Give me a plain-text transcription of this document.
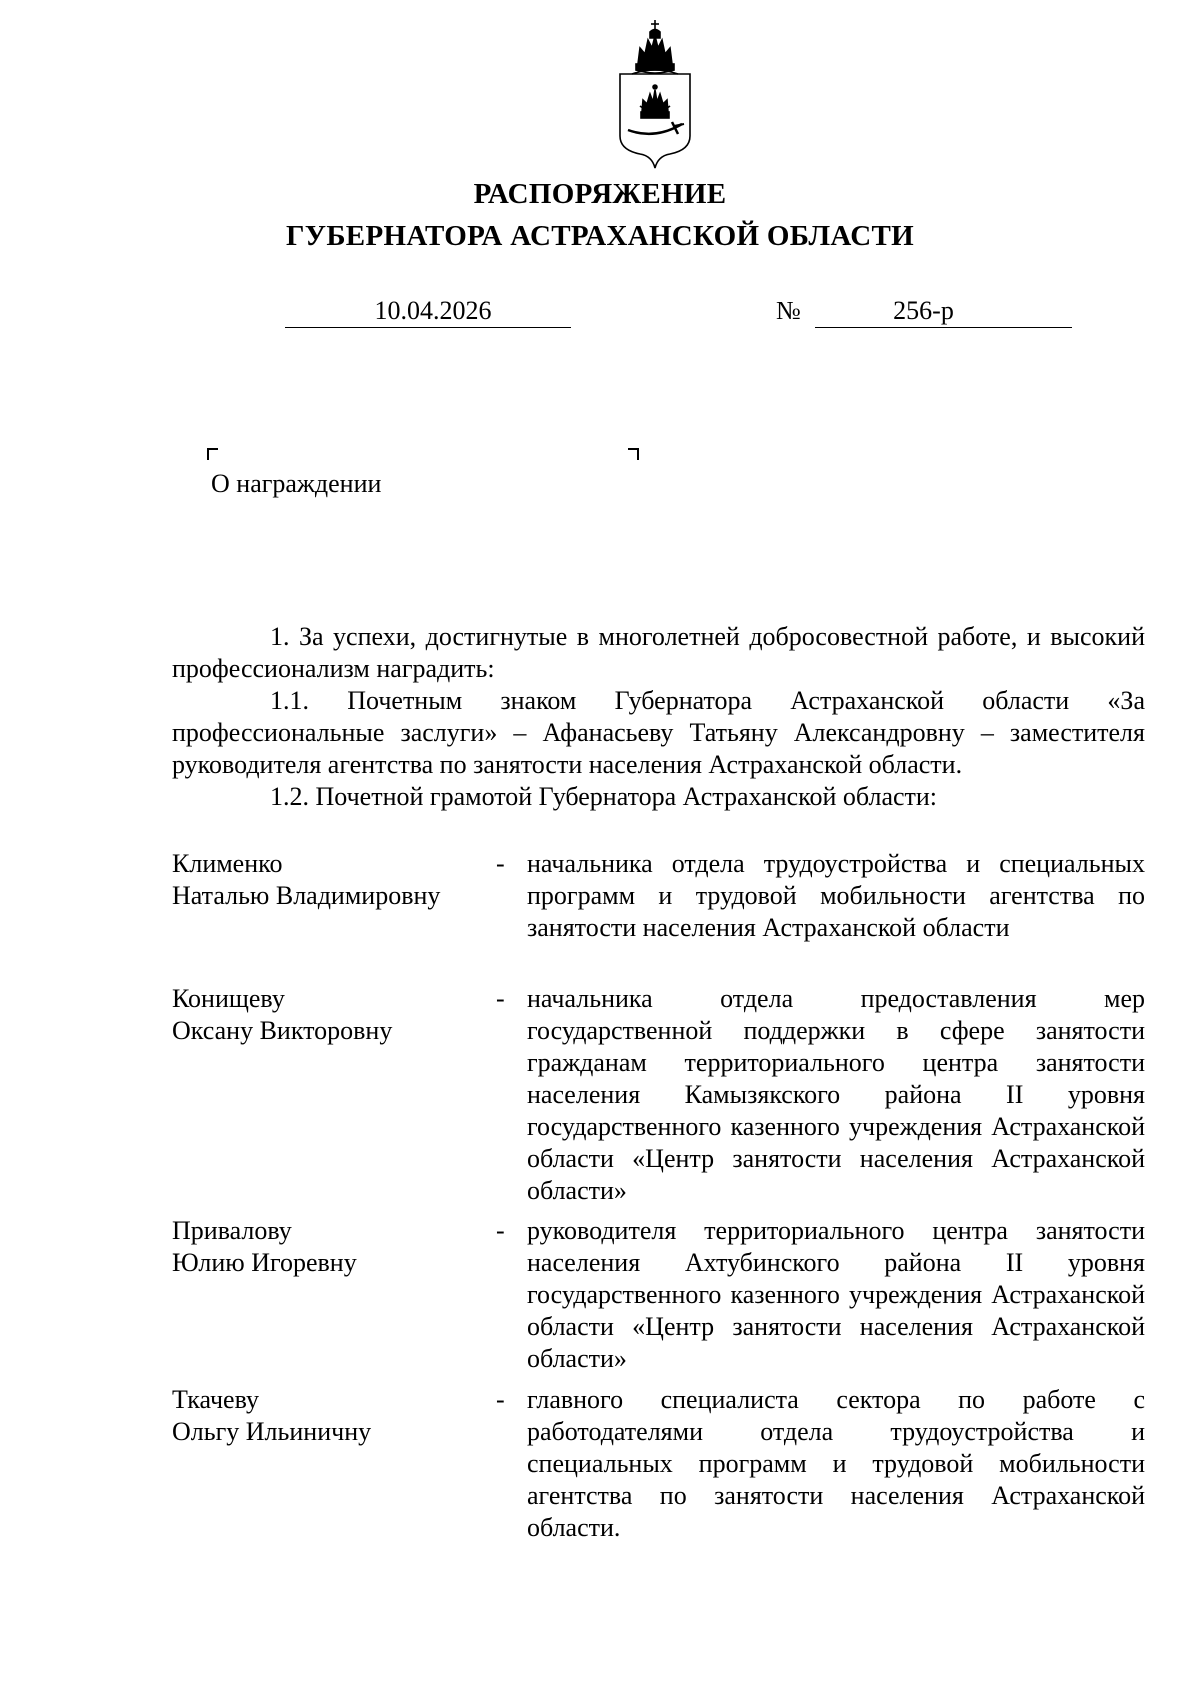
РАСПОРЯЖЕНИЕ
ГУБЕРНАТОРА АСТРАХАНСКОЙ ОБЛАСТИ
10.04.2026	№	256-р
О награждении

1. За успехи, достигнутые в многолетней добросовестной работе, и высокий профессионализм наградить:

1.1. Почетным знаком Губернатора Астраханской области «За профессиональные заслуги» – Афанасьеву Татьяну Александровну – заместителя руководителя агентства по занятости населения Астраханской области.

1.2. Почетной грамотой Губернатора Астраханской области:

Клименко
Наталью Владимировну
- начальника отдела трудоустройства и специальных программ и трудовой мобильности агентства по занятости населения Астраханской области
Конищеву
Оксану Викторовну
- начальника отдела предоставления мер государственной поддержки в сфере занятости гражданам территориального центра занятости населения Камызякского района II уровня государственного казенного учреждения Астраханской области «Центр занятости населения Астраханской области»
Привалову
Юлию Игоревну
- руководителя территориального центра занятости населения Ахтубинского района II уровня государственного казенного учреждения Астраханской области «Центр занятости населения Астраханской области»
Ткачеву
Ольгу Ильиничну
- главного специалиста сектора по работе с работодателями отдела трудоустройства и специальных программ и трудовой мобильности агентства по занятости населения Астраханской области.
